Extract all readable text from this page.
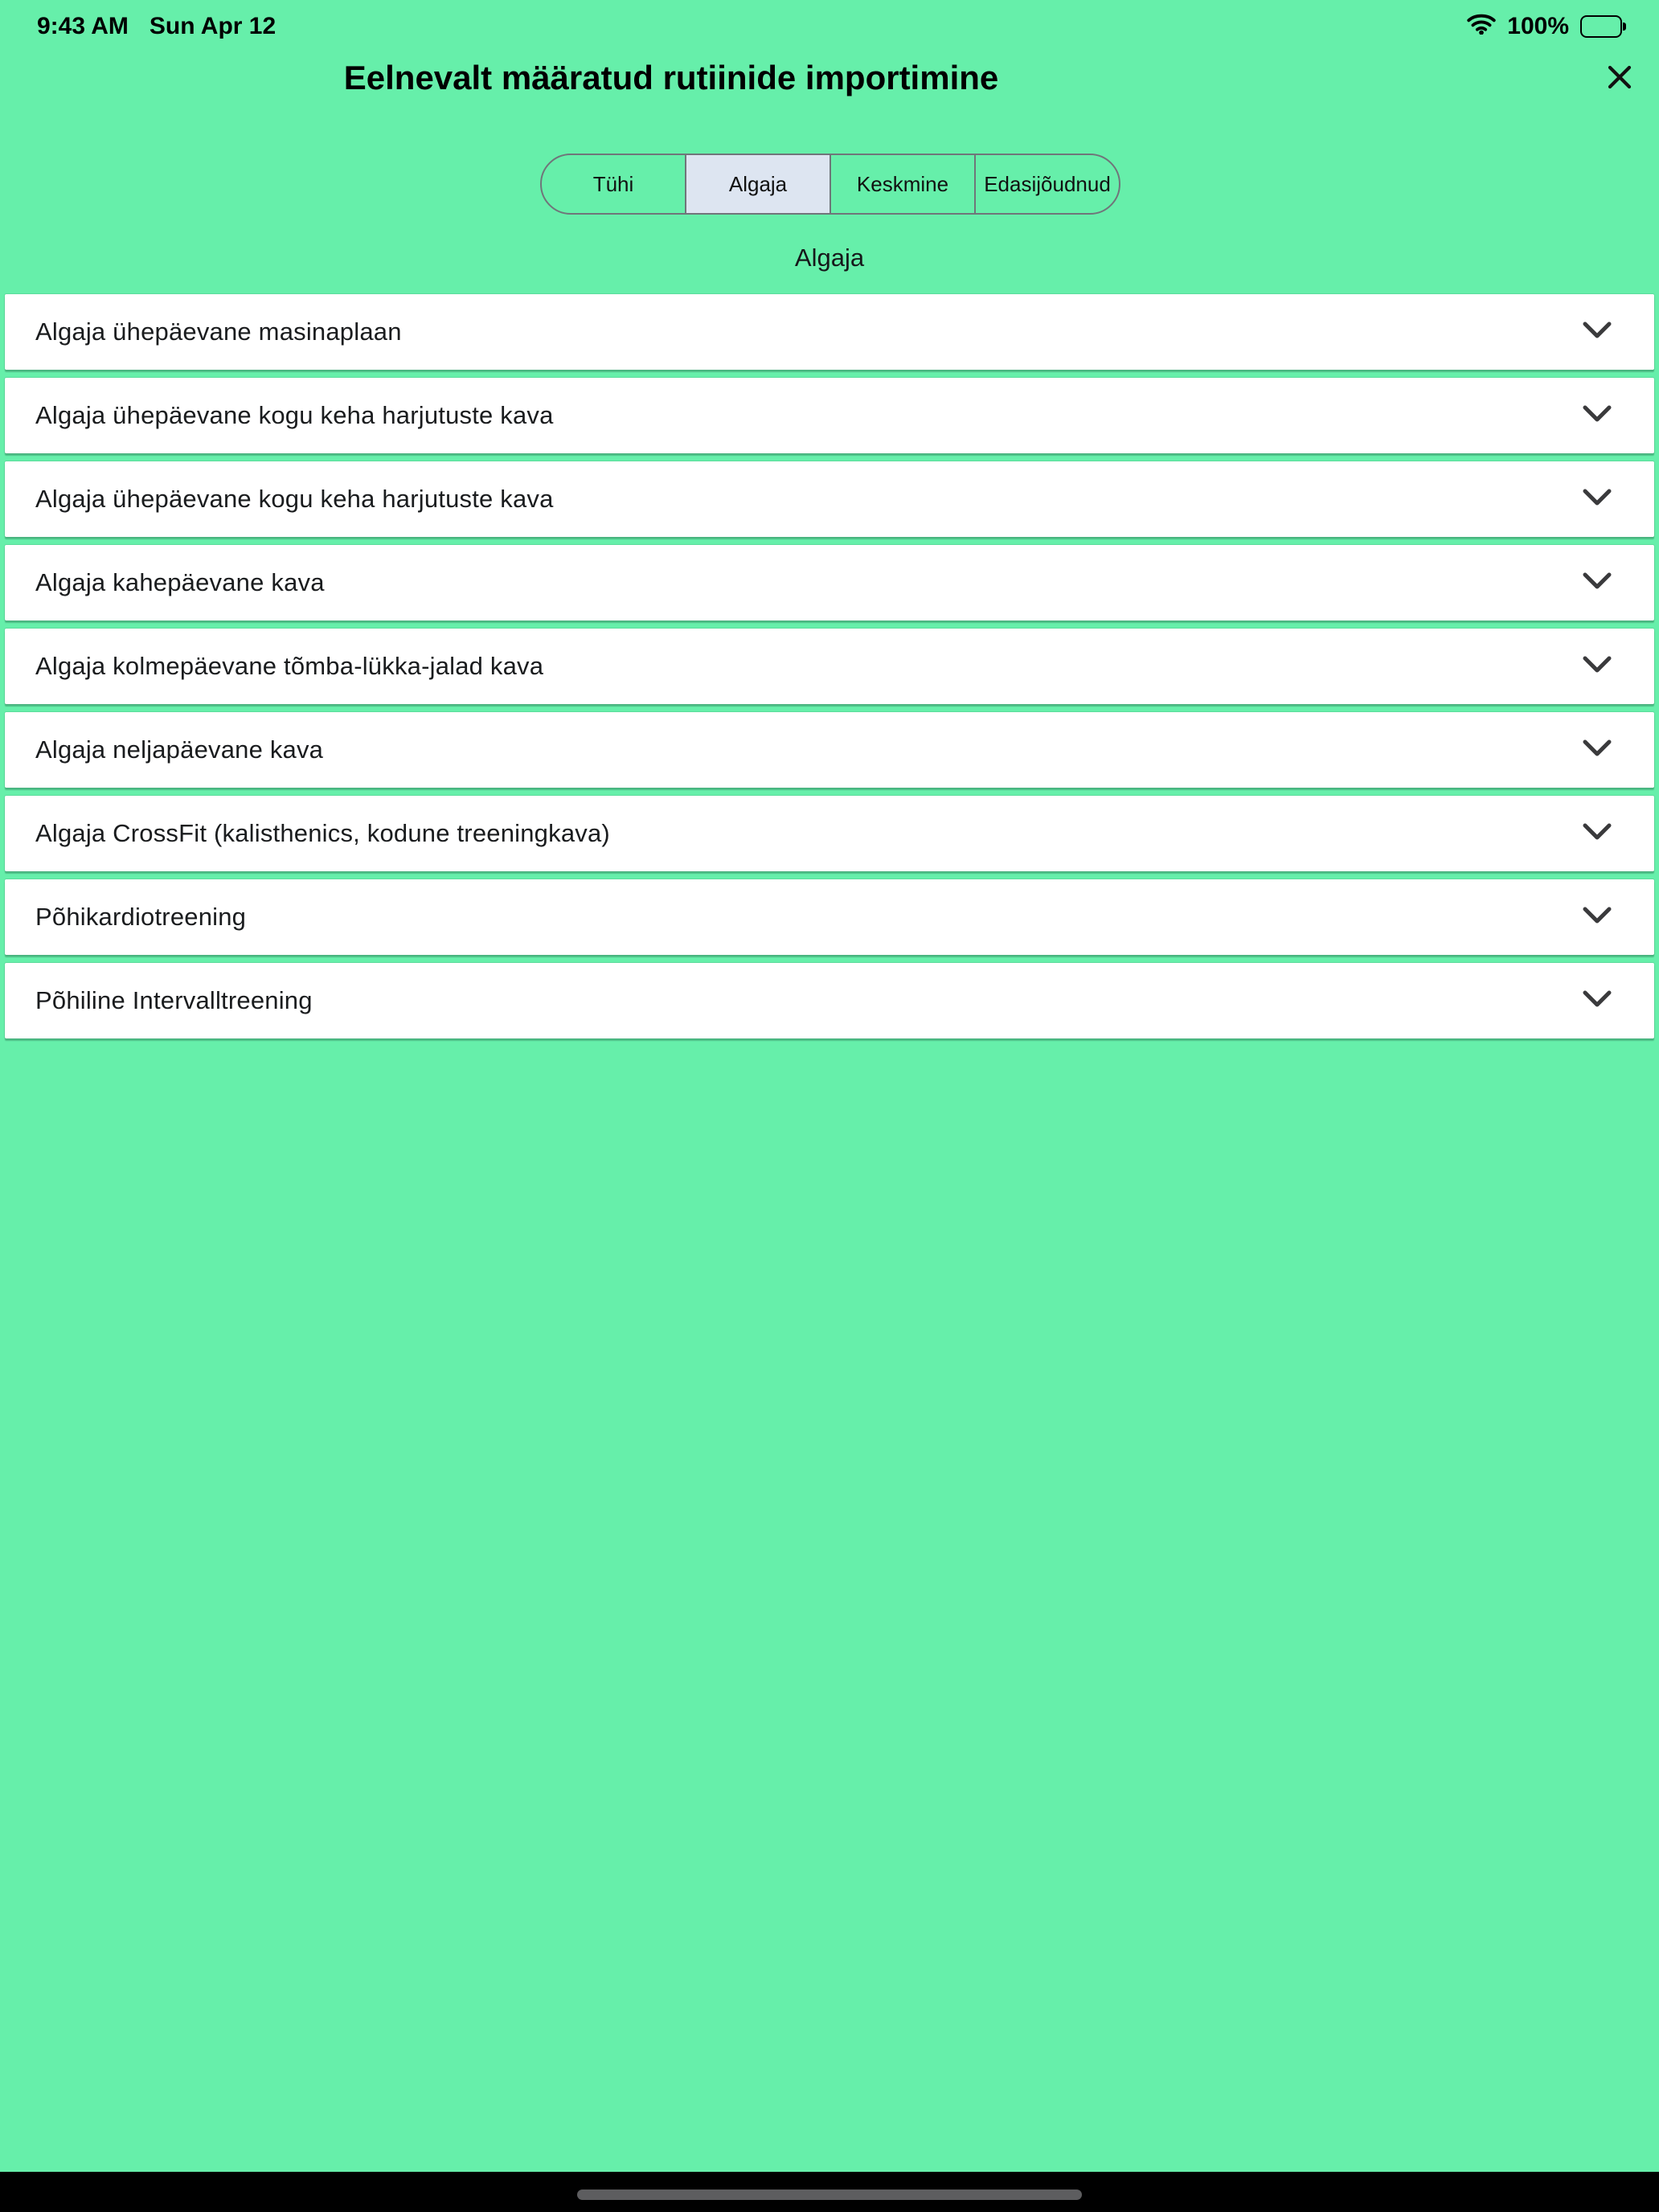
9:43 AM Sun Apr 12	100%
Eelnevalt määratud rutiinide importimine
Tühi	Algaja	Keskmine	Edasijõudnud
Algaja
Algaja ühepäevane masinaplaan
Algaja ühepäevane kogu keha harjutuste kava
Algaja ühepäevane kogu keha harjutuste kava
Algaja kahepäevane kava
Algaja kolmepäevane tõmba-lükka-jalad kava
Algaja neljapäevane kava
Algaja CrossFit (kalisthenics, kodune treeningkava)
Põhikardiotreening
Põhiline Intervalltreening
